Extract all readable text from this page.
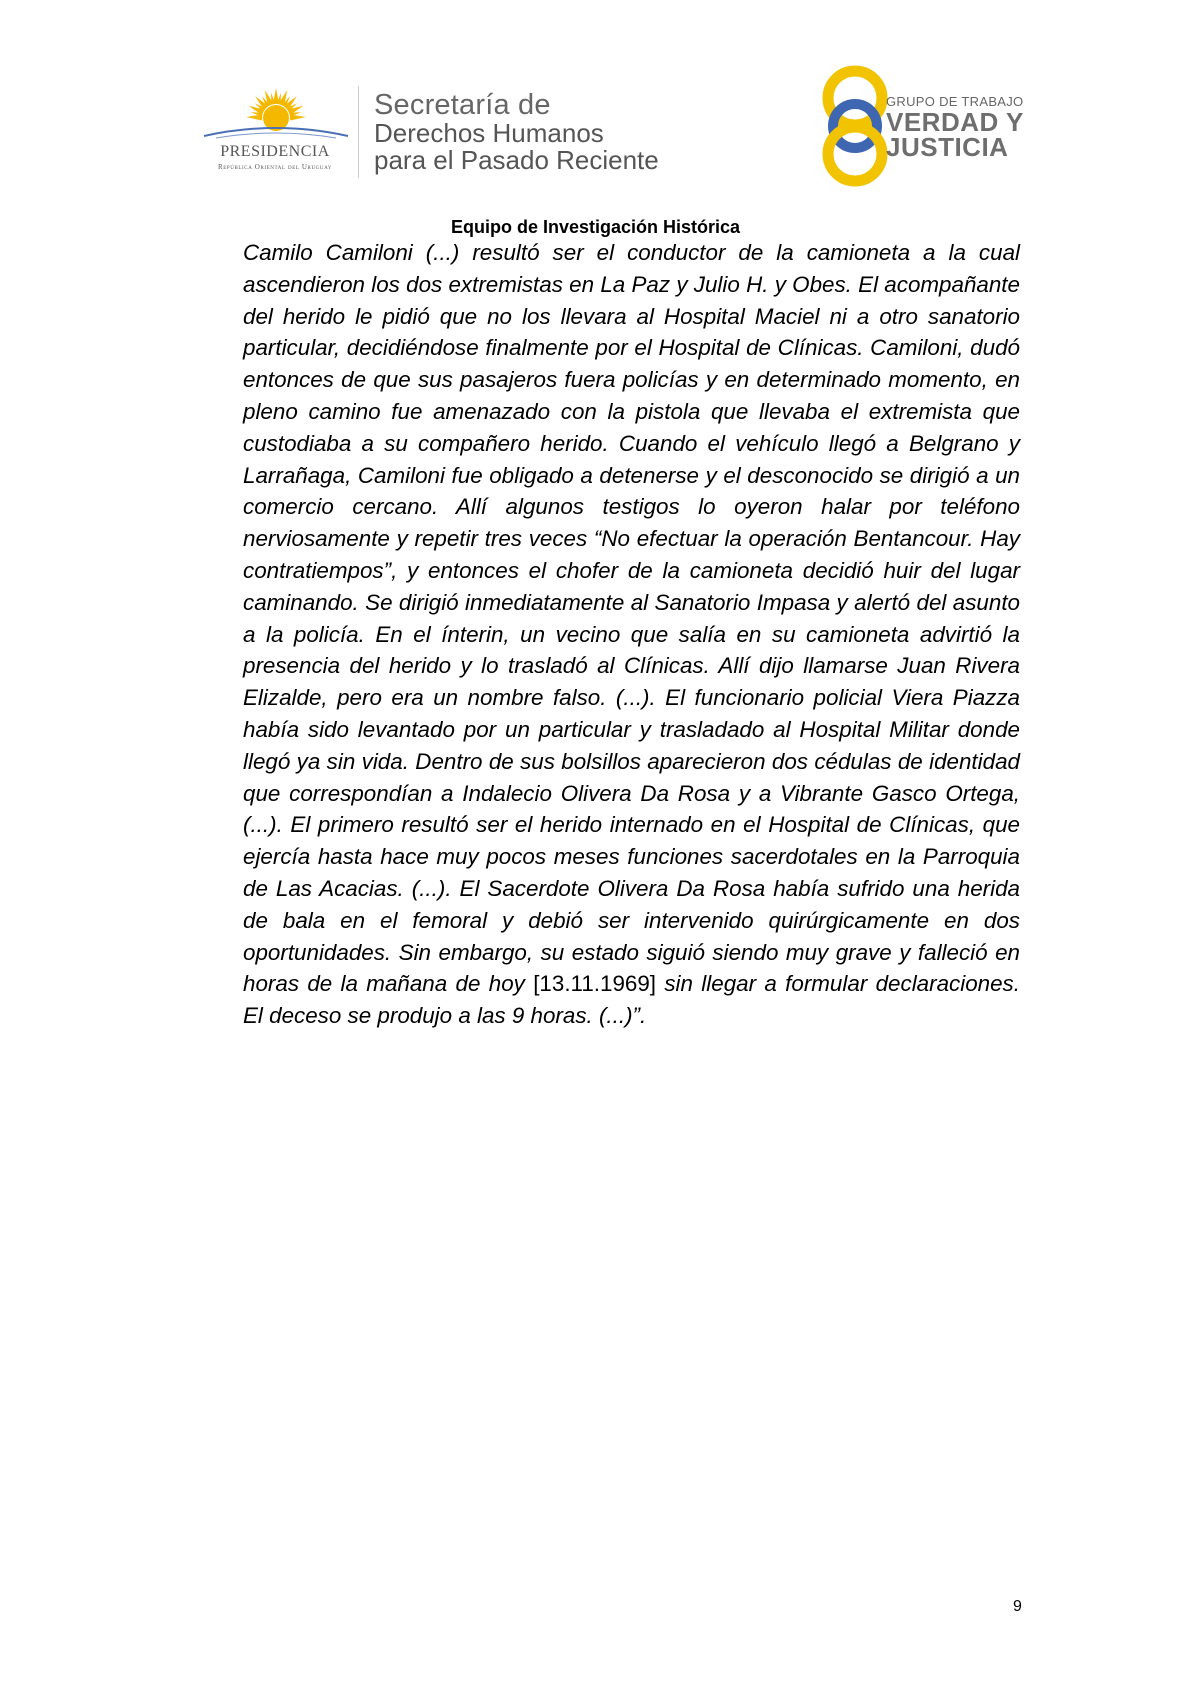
PRESIDENCIA
República Oriental del Uruguay
Secretaría de
Derechos Humanos
para el Pasado Reciente
GRUPO DE TRABAJO
VERDAD Y
JUSTICIA
Equipo de Investigación Histórica
Camilo Camiloni (...) resultó ser el conductor de la camioneta a la cual ascendieron los dos extremistas en La Paz y Julio H. y Obes. El acompañante del herido le pidió que no los llevara al Hospital Maciel ni a otro sanatorio particular, decidiéndose finalmente por el Hospital de Clínicas. Camiloni, dudó entonces de que sus pasajeros fuera policías y en determinado momento, en pleno camino fue amenazado con la pistola que llevaba el extremista que custodiaba a su compañero herido. Cuando el vehículo llegó a Belgrano y Larrañaga, Camiloni fue obligado a detenerse y el desconocido se dirigió a un comercio cercano. Allí algunos testigos lo oyeron halar por teléfono nerviosamente y repetir tres veces “No efectuar la operación Bentancour. Hay contratiempos”, y entonces el chofer de la camioneta decidió huir del lugar caminando. Se dirigió inmediatamente al Sanatorio Impasa y alertó del asunto a la policía. En el ínterin, un vecino que salía en su camioneta advirtió la presencia del herido y lo trasladó al Clínicas. Allí dijo llamarse Juan Rivera Elizalde, pero era un nombre falso. (...). El funcionario policial Viera Piazza había sido levantado por un particular y trasladado al Hospital Militar donde llegó ya sin vida. Dentro de sus bolsillos aparecieron dos cédulas de identidad que correspondían a Indalecio Olivera Da Rosa y a Vibrante Gasco Ortega, (...). El primero resultó ser el herido internado en el Hospital de Clínicas, que ejercía hasta hace muy pocos meses funciones sacerdotales en la Parroquia de Las Acacias. (...). El Sacerdote Olivera Da Rosa había sufrido una herida de bala en el femoral y debió ser intervenido quirúrgicamente en dos oportunidades. Sin embargo, su estado siguió siendo muy grave y falleció en horas de la mañana de hoy [13.11.1969] sin llegar a formular declaraciones. El deceso se produjo a las 9 horas. (...)”.
9
